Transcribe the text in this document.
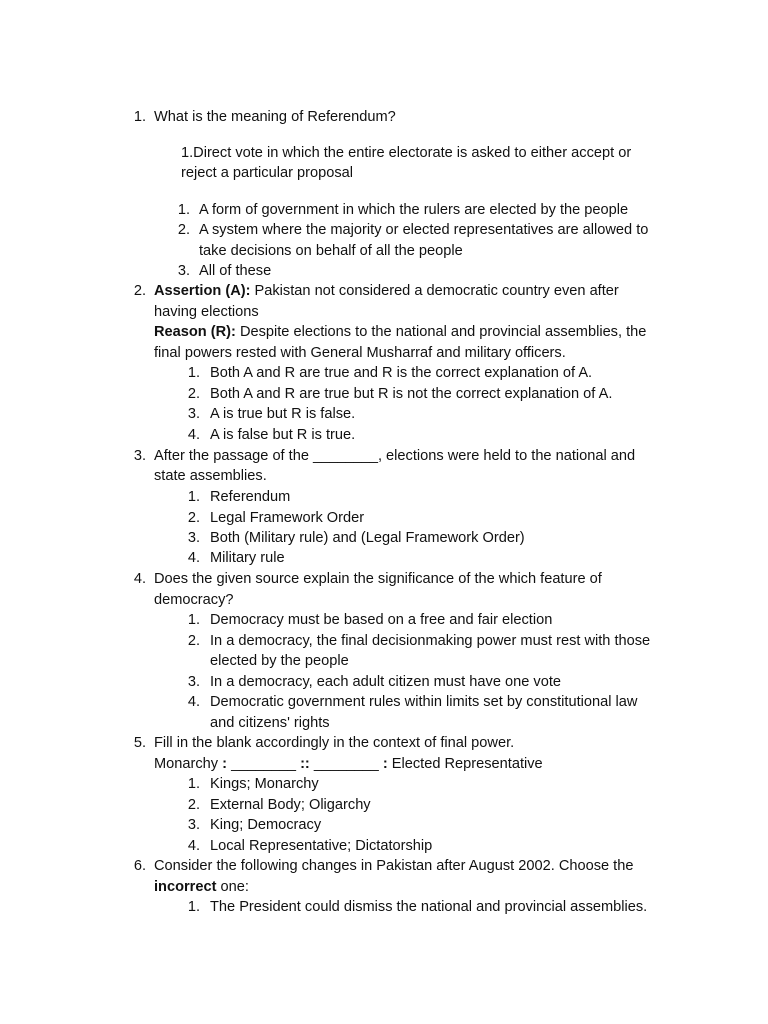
1. What is the meaning of Referendum?
1.Direct vote in which the entire electorate is asked to either accept or
reject a particular proposal
1. A form of government in which the rulers are elected by the people
2. A system where the majority or elected representatives are allowed to
take decisions on behalf of all the people
3. All of these
2. Assertion (A): Pakistan not considered a democratic country even after
having elections
Reason (R): Despite elections to the national and provincial assemblies, the
final powers rested with General Musharraf and military officers.
1. Both A and R are true and R is the correct explanation of A.
2. Both A and R are true but R is not the correct explanation of A.
3. A is true but R is false.
4. A is false but R is true.
3. After the passage of the ________, elections were held to the national and
state assemblies.
1. Referendum
2. Legal Framework Order
3. Both (Military rule) and (Legal Framework Order)
4. Military rule
4. Does the given source explain the significance of the which feature of
democracy?
1. Democracy must be based on a free and fair election
2. In a democracy, the final decisionmaking power must rest with those
elected by the people
3. In a democracy, each adult citizen must have one vote
4. Democratic government rules within limits set by constitutional law
and citizens' rights
5. Fill in the blank accordingly in the context of final power.
Monarchy : ________ :: ________ : Elected Representative
1. Kings; Monarchy
2. External Body; Oligarchy
3. King; Democracy
4. Local Representative; Dictatorship
6. Consider the following changes in Pakistan after August 2002. Choose the
incorrect one:
1. The President could dismiss the national and provincial assemblies.
